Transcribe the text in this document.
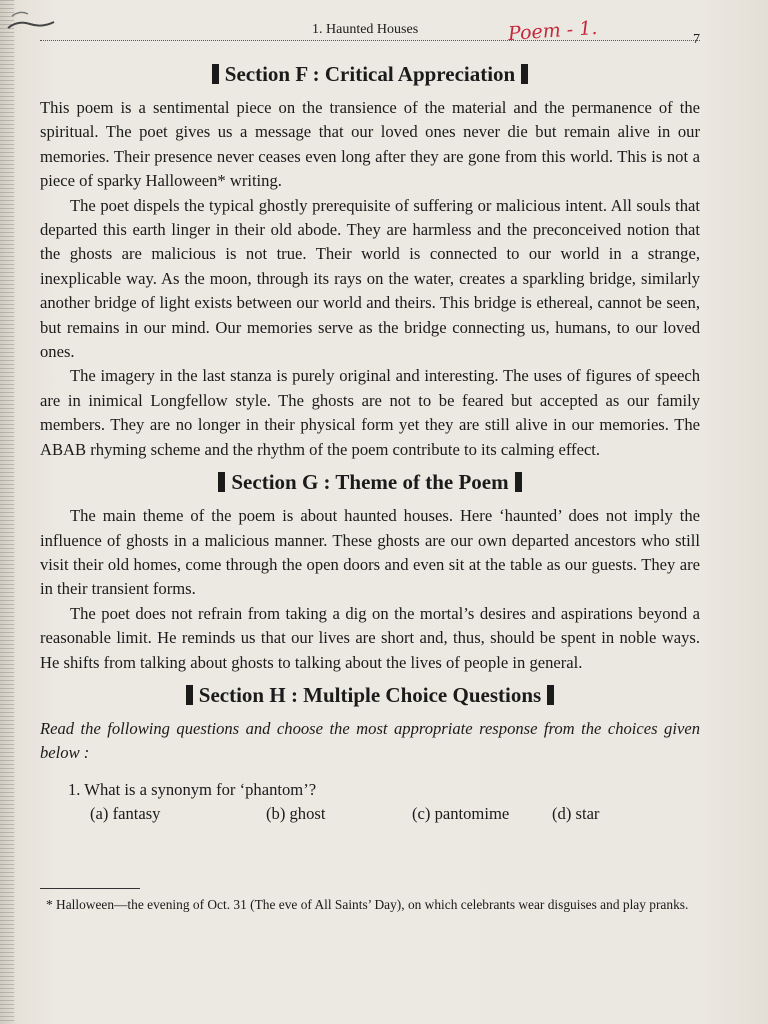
1. Haunted Houses	Poem - 1.	7
Section F : Critical Appreciation

This poem is a sentimental piece on the transience of the material and the permanence of the spiritual. The poet gives us a message that our loved ones never die but remain alive in our memories. Their presence never ceases even long after they are gone from this world. This is not a piece of sparky Halloween* writing.

The poet dispels the typical ghostly prerequisite of suffering or malicious intent. All souls that departed this earth linger in their old abode. They are harmless and the preconceived notion that the ghosts are malicious is not true. Their world is connected to our world in a strange, inexplicable way. As the moon, through its rays on the water, creates a sparkling bridge, similarly another bridge of light exists between our world and theirs. This bridge is ethereal, cannot be seen, but remains in our mind. Our memories serve as the bridge connecting us, humans, to our loved ones.

The imagery in the last stanza is purely original and interesting. The uses of figures of speech are in inimical Longfellow style. The ghosts are not to be feared but accepted as our family members. They are no longer in their physical form yet they are still alive in our memories. The ABAB rhyming scheme and the rhythm of the poem contribute to its calming effect.

Section G : Theme of the Poem

The main theme of the poem is about haunted houses. Here ‘haunted’ does not imply the influence of ghosts in a malicious manner. These ghosts are our own departed ancestors who still visit their old homes, come through the open doors and even sit at the table as our guests. They are in their transient forms.

The poet does not refrain from taking a dig on the mortal’s desires and aspirations beyond a reasonable limit. He reminds us that our lives are short and, thus, should be spent in noble ways. He shifts from talking about ghosts to talking about the lives of people in general.

Section H : Multiple Choice Questions

Read the following questions and choose the most appropriate response from the choices given below :

1. What is a synonym for ‘phantom’?

(a) fantasy	(b) ghost	(c) pantomime	(d) star
* Halloween—the evening of Oct. 31 (The eve of All Saints’ Day), on which celebrants wear disguises and play pranks.
